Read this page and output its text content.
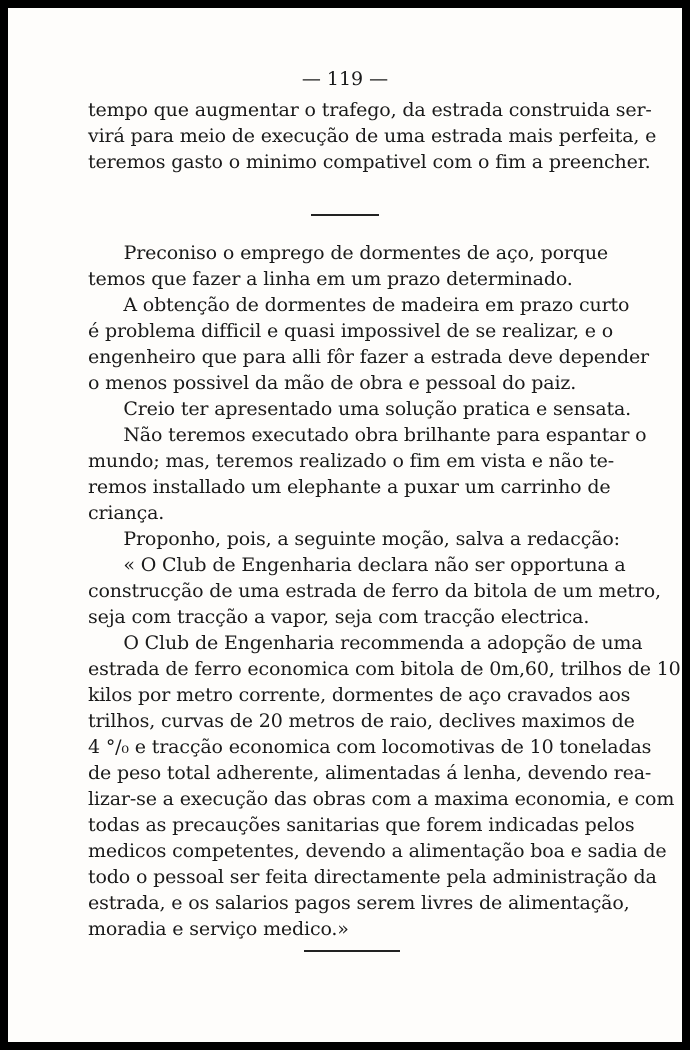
— 119 —
tempo que augmentar o trafego, da estrada construida ser-
virá para meio de execução de uma estrada mais perfeita, e
teremos gasto o minimo compativel com o fim a preencher.
Preconiso o emprego de dormentes de aço, porque
temos que fazer a linha em um prazo determinado.
A obtenção de dormentes de madeira em prazo curto
é problema difficil e quasi impossivel de se realizar, e o
engenheiro que para alli fôr fazer a estrada deve depender
o menos possivel da mão de obra e pessoal do paiz.
Creio ter apresentado uma solução pratica e sensata.
Não teremos executado obra brilhante para espantar o
mundo; mas, teremos realizado o fim em vista e não te-
remos installado um elephante a puxar um carrinho de
criança.
Proponho, pois, a seguinte moção, salva a redacção:
« O Club de Engenharia declara não ser opportuna a
construcção de uma estrada de ferro da bitola de um metro,
seja com tracção a vapor, seja com tracção electrica.
O Club de Engenharia recommenda a adopção de uma
estrada de ferro economica com bitola de 0m,60, trilhos de 10
kilos por metro corrente, dormentes de aço cravados aos
trilhos, curvas de 20 metros de raio, declives maximos de
4 °/₀ e tracção economica com locomotivas de 10 toneladas
de peso total adherente, alimentadas á lenha, devendo rea-
lizar-se a execução das obras com a maxima economia, e com
todas as precauções sanitarias que forem indicadas pelos
medicos competentes, devendo a alimentação boa e sadia de
todo o pessoal ser feita directamente pela administração da
estrada, e os salarios pagos serem livres de alimentação,
moradia e serviço medico.»
